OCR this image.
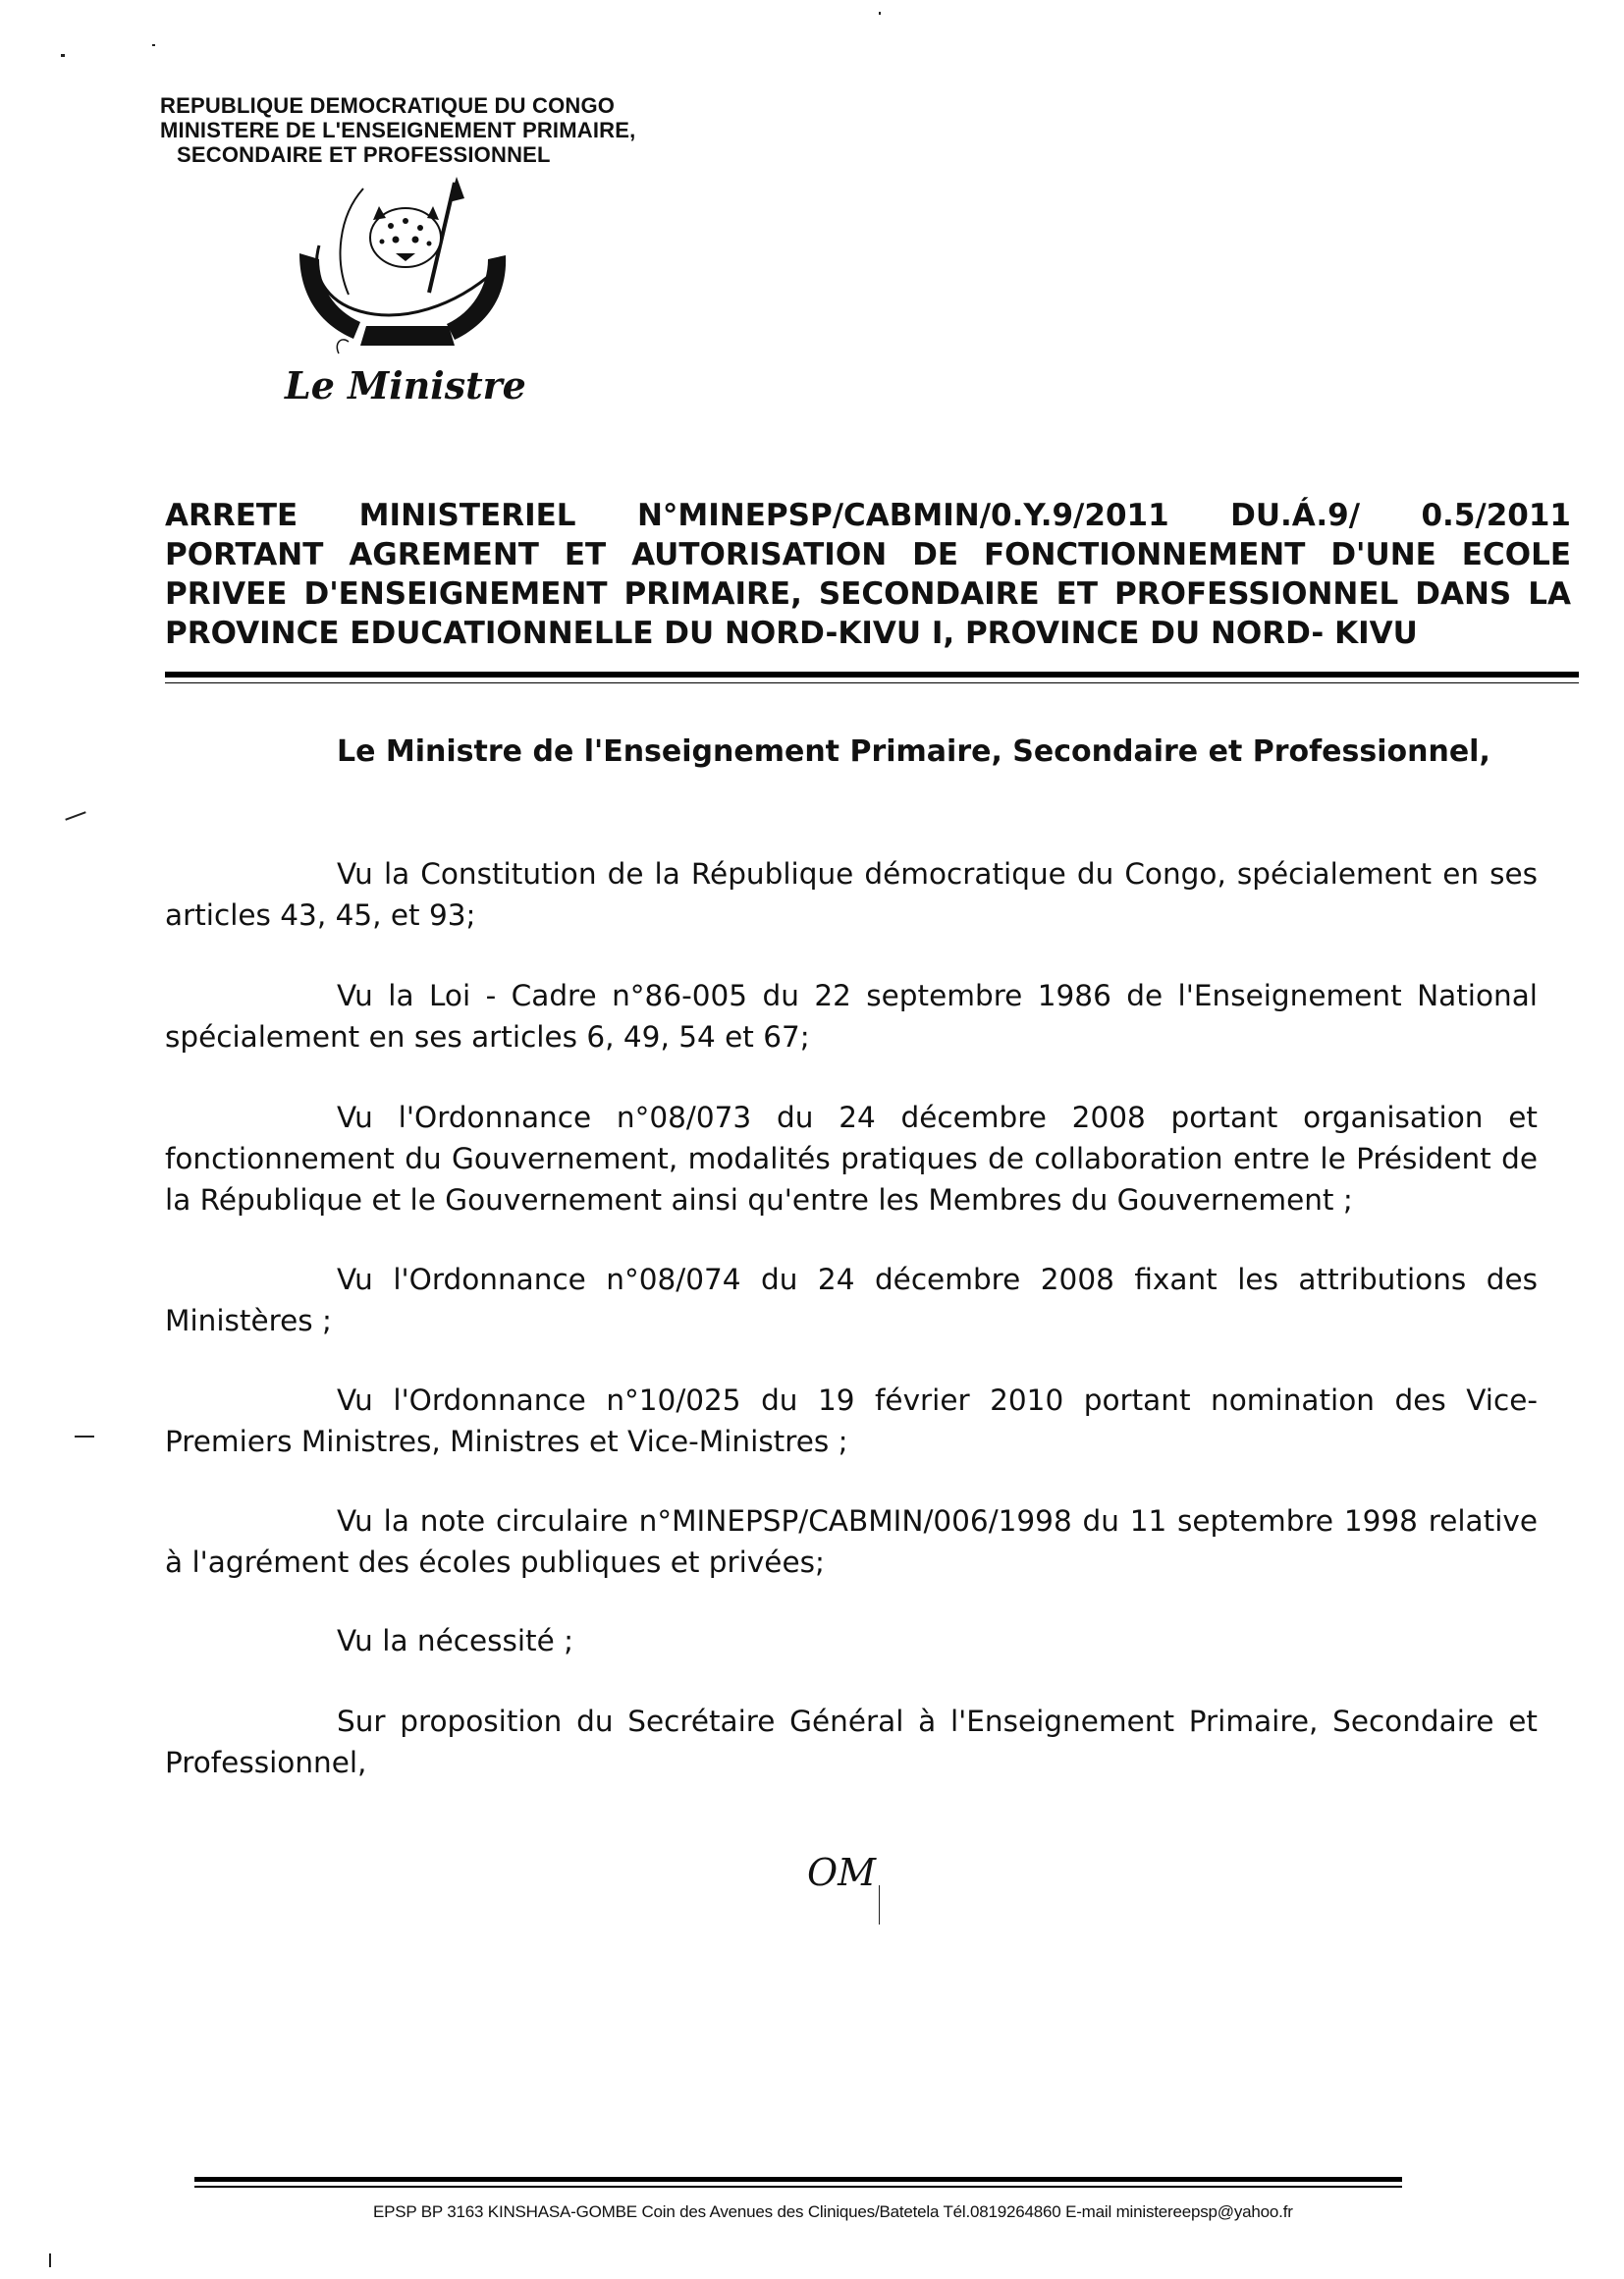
REPUBLIQUE DEMOCRATIQUE DU CONGO
MINISTERE DE L'ENSEIGNEMENT PRIMAIRE,
SECONDAIRE ET PROFESSIONNEL
Le Ministre
ARRETE MINISTERIEL N°MINEPSP/CABMIN/0.Y.9/2011 DU.Á.9/ 0.5/2011
PORTANT AGREMENT ET AUTORISATION DE FONCTIONNEMENT D'UNE ECOLE
PRIVEE D'ENSEIGNEMENT PRIMAIRE, SECONDAIRE ET PROFESSIONNEL DANS LA
PROVINCE EDUCATIONNELLE DU NORD-KIVU I, PROVINCE DU NORD- KIVU
Le Ministre de l'Enseignement Primaire, Secondaire et Professionnel,
Vu la Constitution de la République démocratique du Congo, spécialement en ses articles 43, 45, et 93;
Vu la Loi - Cadre n°86-005 du 22 septembre 1986 de l'Enseignement National spécialement en ses articles 6, 49, 54 et 67;
Vu l'Ordonnance n°08/073 du 24 décembre 2008 portant organisation et fonctionnement du Gouvernement, modalités pratiques de collaboration entre le Président de la République et le Gouvernement ainsi qu'entre les Membres du Gouvernement ;
Vu l'Ordonnance n°08/074 du 24 décembre 2008 fixant les attributions des Ministères ;
Vu l'Ordonnance n°10/025 du 19 février 2010 portant nomination des Vice-Premiers Ministres, Ministres et Vice-Ministres ;
Vu la note circulaire n°MINEPSP/CABMIN/006/1998 du 11 septembre 1998 relative à l'agrément des écoles publiques et privées;
Vu la nécessité ;
Sur proposition du Secrétaire Général à l'Enseignement Primaire, Secondaire et Professionnel,
OM
EPSP BP 3163 KINSHASA-GOMBE Coin des Avenues des Cliniques/Batetela Tél.0819264860 E-mail ministereepsp@yahoo.fr
